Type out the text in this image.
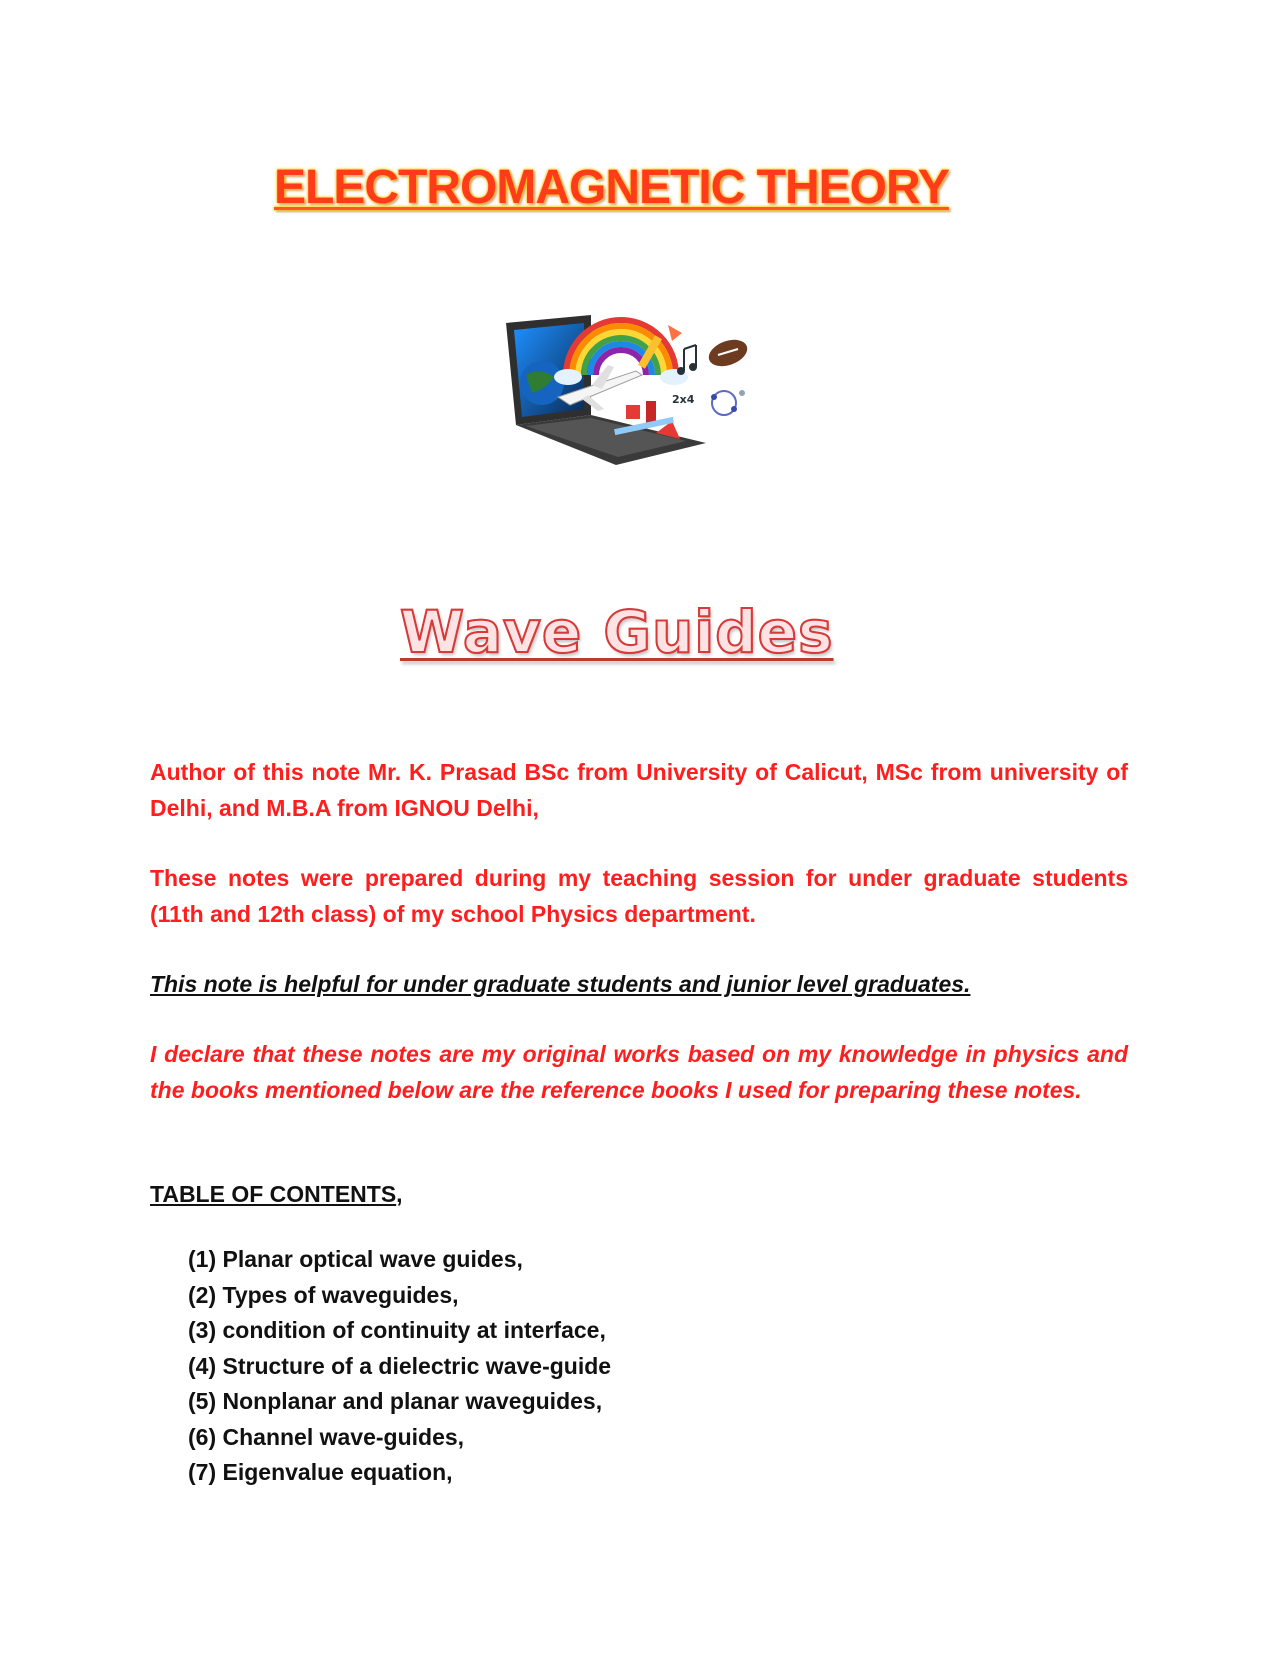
ELECTROMAGNETIC THEORY
2x4
Wave Guides

Author of this note Mr. K. Prasad BSc from University of Calicut, MSc from university of Delhi, and M.B.A from IGNOU Delhi,

These notes were prepared during my teaching session for under graduate students (11th and 12th class) of my school Physics department.

This note is helpful for under graduate students and junior level graduates.

I declare that these notes are my original works based on my knowledge in physics and the books mentioned below are the reference books I used for preparing these notes.

TABLE OF CONTENTS,

(1) Planar optical wave guides,
(2) Types of waveguides,
(3) condition of continuity at interface,
(4) Structure of a dielectric wave-guide
(5) Nonplanar and planar waveguides,
(6) Channel wave-guides,
(7) Eigenvalue equation,
